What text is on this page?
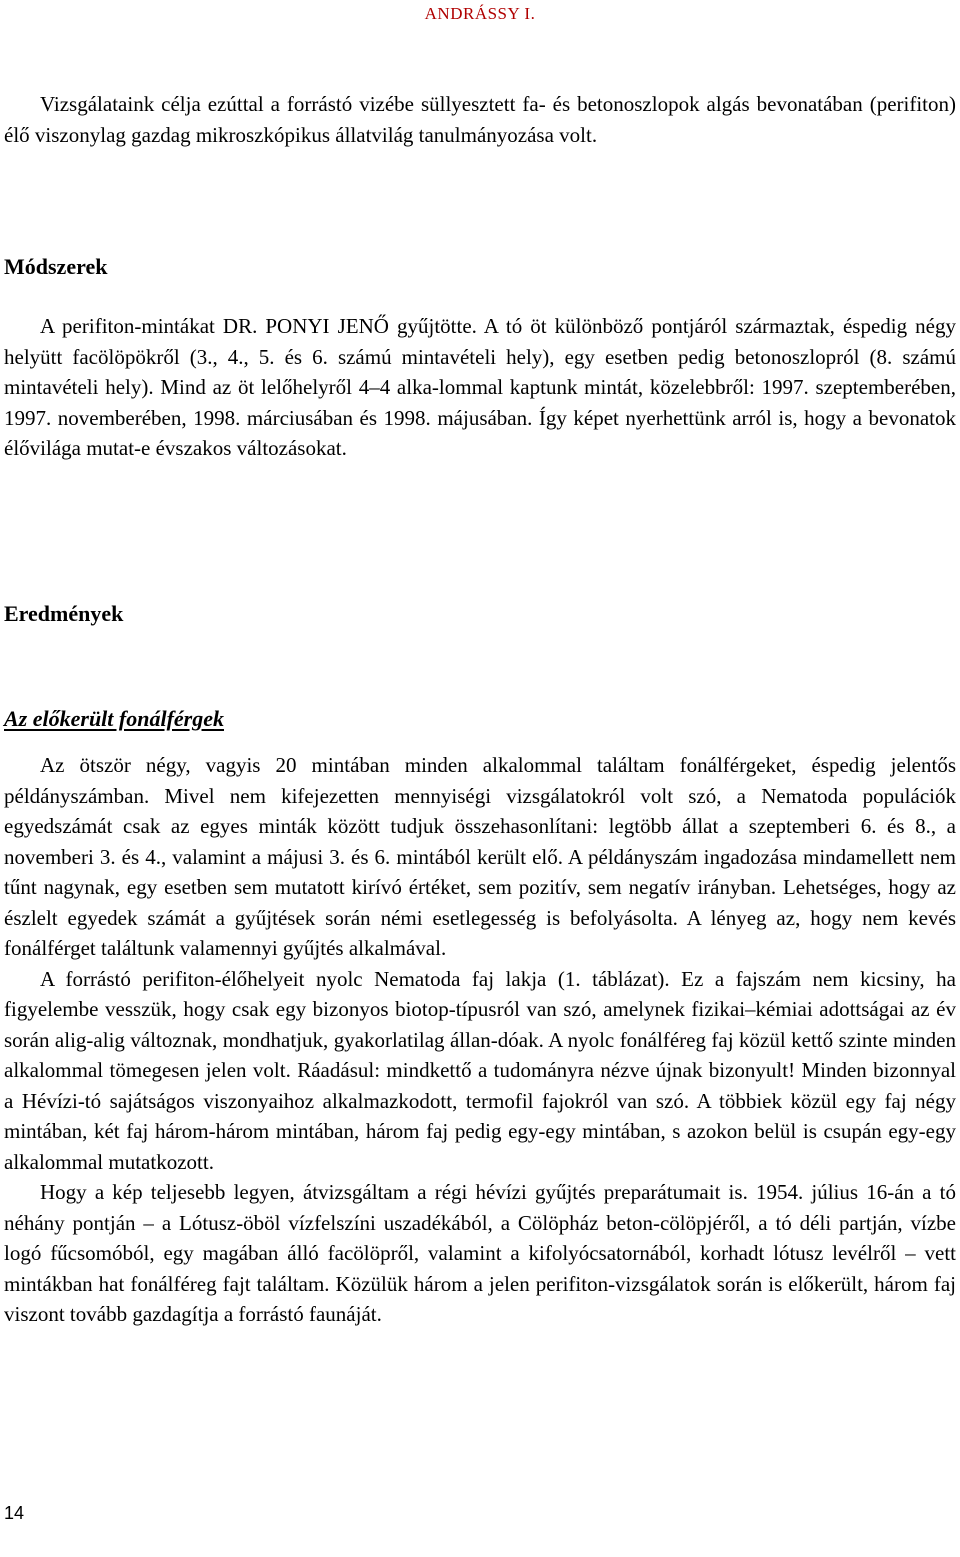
ANDRÁSSY I.

Vizsgálataink célja ezúttal a forrástó vizébe süllyesztett fa- és betonoszlopok algás bevonatában (perifiton) élő viszonylag gazdag mikroszkópikus állatvilág tanulmányozása volt.

Módszerek

A perifiton-mintákat DR. PONYI JENŐ gyűjtötte. A tó öt különböző pontjáról származtak, éspedig négy helyütt facölöpökről (3., 4., 5. és 6. számú mintavételi hely), egy esetben pedig betonoszlopról (8. számú mintavételi hely). Mind az öt lelőhelyről 4–4 alka-lommal kaptunk mintát, közelebbről: 1997. szeptemberében, 1997. novemberében, 1998. márciusában és 1998. májusában. Így képet nyerhettünk arról is, hogy a bevonatok élővilága mutat-e évszakos változásokat.

Eredmények
Az előkerült fonálférgek

Az ötször négy, vagyis 20 mintában minden alkalommal találtam fonálférgeket, éspedig jelentős példányszámban. Mivel nem kifejezetten mennyiségi vizsgálatokról volt szó, a Nematoda populációk egyedszámát csak az egyes minták között tudjuk összehasonlítani: legtöbb állat a szeptemberi 6. és 8., a novemberi 3. és 4., valamint a májusi 3. és 6. mintából került elő. A példányszám ingadozása mindamellett nem tűnt nagynak, egy esetben sem mutatott kirívó értéket, sem pozitív, sem negatív irányban. Lehetséges, hogy az észlelt egyedek számát a gyűjtések során némi esetlegesség is befolyásolta. A lényeg az, hogy nem kevés fonálférget találtunk valamennyi gyűjtés alkalmával.

A forrástó perifiton-élőhelyeit nyolc Nematoda faj lakja (1. táblázat). Ez a fajszám nem kicsiny, ha figyelembe vesszük, hogy csak egy bizonyos biotop-típusról van szó, amelynek fizikai–kémiai adottságai az év során alig-alig változnak, mondhatjuk, gyakorlatilag állan-dóak. A nyolc fonálféreg faj közül kettő szinte minden alkalommal tömegesen jelen volt. Ráadásul: mindkettő a tudományra nézve újnak bizonyult! Minden bizonnyal a Hévízi-tó sajátságos viszonyaihoz alkalmazkodott, termofil fajokról van szó. A többiek közül egy faj négy mintában, két faj három-három mintában, három faj pedig egy-egy mintában, s azokon belül is csupán egy-egy alkalommal mutatkozott.

Hogy a kép teljesebb legyen, átvizsgáltam a régi hévízi gyűjtés preparátumait is. 1954. július 16-án a tó néhány pontján – a Lótusz-öböl vízfelszíni uszadékából, a Cölöpház beton-cölöpjéről, a tó déli partján, vízbe logó fűcsomóból, egy magában álló facölöpről, valamint a kifolyócsatornából, korhadt lótusz levélről – vett mintákban hat fonálféreg fajt találtam. Közülük három a jelen perifiton-vizsgálatok során is előkerült, három faj viszont tovább gazdagítja a forrástó faunáját.

14
